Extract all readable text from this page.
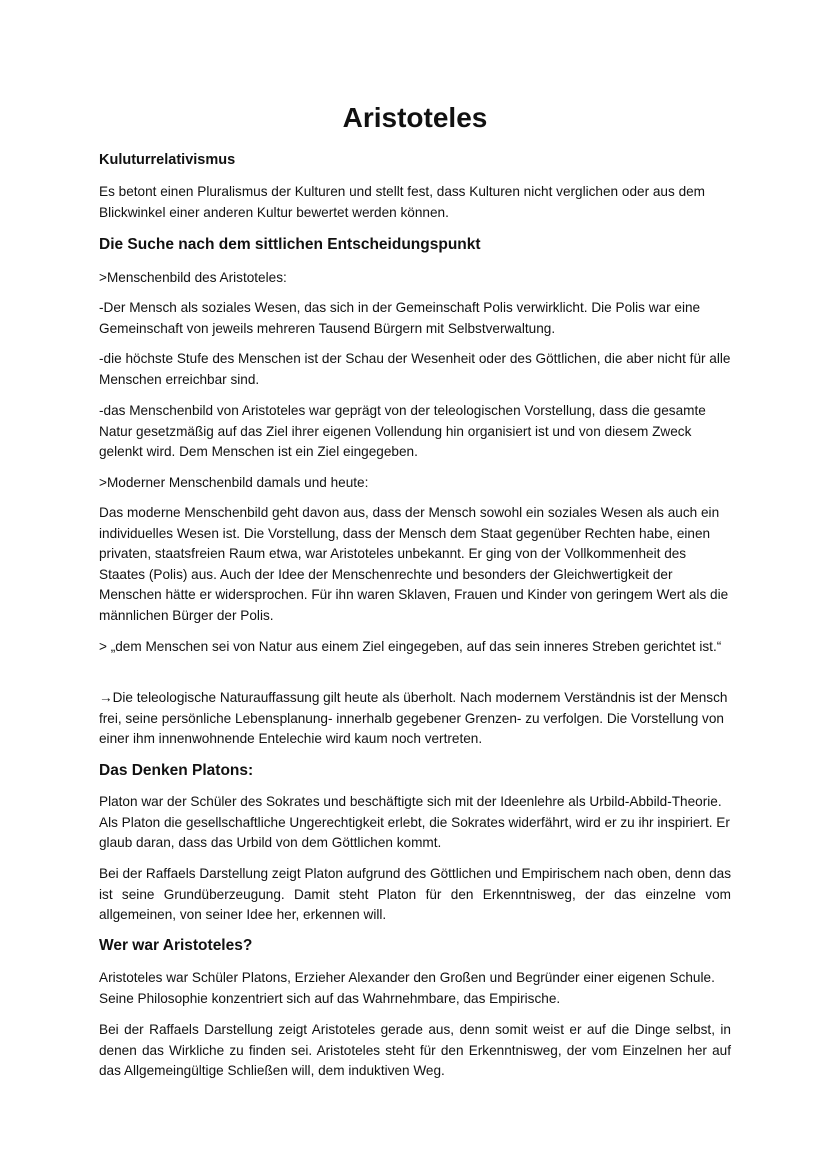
Aristoteles
Kuluturrelativismus

Es betont einen Pluralismus der Kulturen und stellt fest, dass Kulturen nicht verglichen oder aus dem Blickwinkel einer anderen Kultur bewertet werden können.

Die Suche nach dem sittlichen Entscheidungspunkt

>Menschenbild des Aristoteles:

-Der Mensch als soziales Wesen, das sich in der Gemeinschaft Polis verwirklicht. Die Polis war eine Gemeinschaft von jeweils mehreren Tausend Bürgern mit Selbstverwaltung.

-die höchste Stufe des Menschen ist der Schau der Wesenheit oder des Göttlichen, die aber nicht für alle Menschen erreichbar sind.

-das Menschenbild von Aristoteles war geprägt von der teleologischen Vorstellung, dass die gesamte Natur gesetzmäßig auf das Ziel ihrer eigenen Vollendung hin organisiert ist und von diesem Zweck gelenkt wird. Dem Menschen ist ein Ziel eingegeben.

>Moderner Menschenbild damals und heute:

Das moderne Menschenbild geht davon aus, dass der Mensch sowohl ein soziales Wesen als auch ein individuelles Wesen ist. Die Vorstellung, dass der Mensch dem Staat gegenüber Rechten habe, einen privaten, staatsfreien Raum etwa, war Aristoteles unbekannt. Er ging von der Vollkommenheit des Staates (Polis) aus. Auch der Idee der Menschenrechte und besonders der Gleichwertigkeit der Menschen hätte er widersprochen. Für ihn waren Sklaven, Frauen und Kinder von geringem Wert als die männlichen Bürger der Polis.

> „dem Menschen sei von Natur aus einem Ziel eingegeben, auf das sein inneres Streben gerichtet ist.“

→Die teleologische Naturauffassung gilt heute als überholt. Nach modernem Verständnis ist der Mensch frei, seine persönliche Lebensplanung- innerhalb gegebener Grenzen- zu verfolgen. Die Vorstellung von einer ihm innenwohnende Entelechie wird kaum noch vertreten.

Das Denken Platons:

Platon war der Schüler des Sokrates und beschäftigte sich mit der Ideenlehre als Urbild-Abbild-Theorie. Als Platon die gesellschaftliche Ungerechtigkeit erlebt, die Sokrates widerfährt, wird er zu ihr inspiriert. Er glaub daran, dass das Urbild von dem Göttlichen kommt.

Bei der Raffaels Darstellung zeigt Platon aufgrund des Göttlichen und Empirischem nach oben, denn das ist seine Grundüberzeugung. Damit steht Platon für den Erkenntnisweg, der das einzelne vom allgemeinen, von seiner Idee her, erkennen will.

Wer war Aristoteles?

Aristoteles war Schüler Platons, Erzieher Alexander den Großen und Begründer einer eigenen Schule. Seine Philosophie konzentriert sich auf das Wahrnehmbare, das Empirische.

Bei der Raffaels Darstellung zeigt Aristoteles gerade aus, denn somit weist er auf die Dinge selbst, in denen das Wirkliche zu finden sei. Aristoteles steht für den Erkenntnisweg, der vom Einzelnen her auf das Allgemeingültige Schließen will, dem induktiven Weg.
